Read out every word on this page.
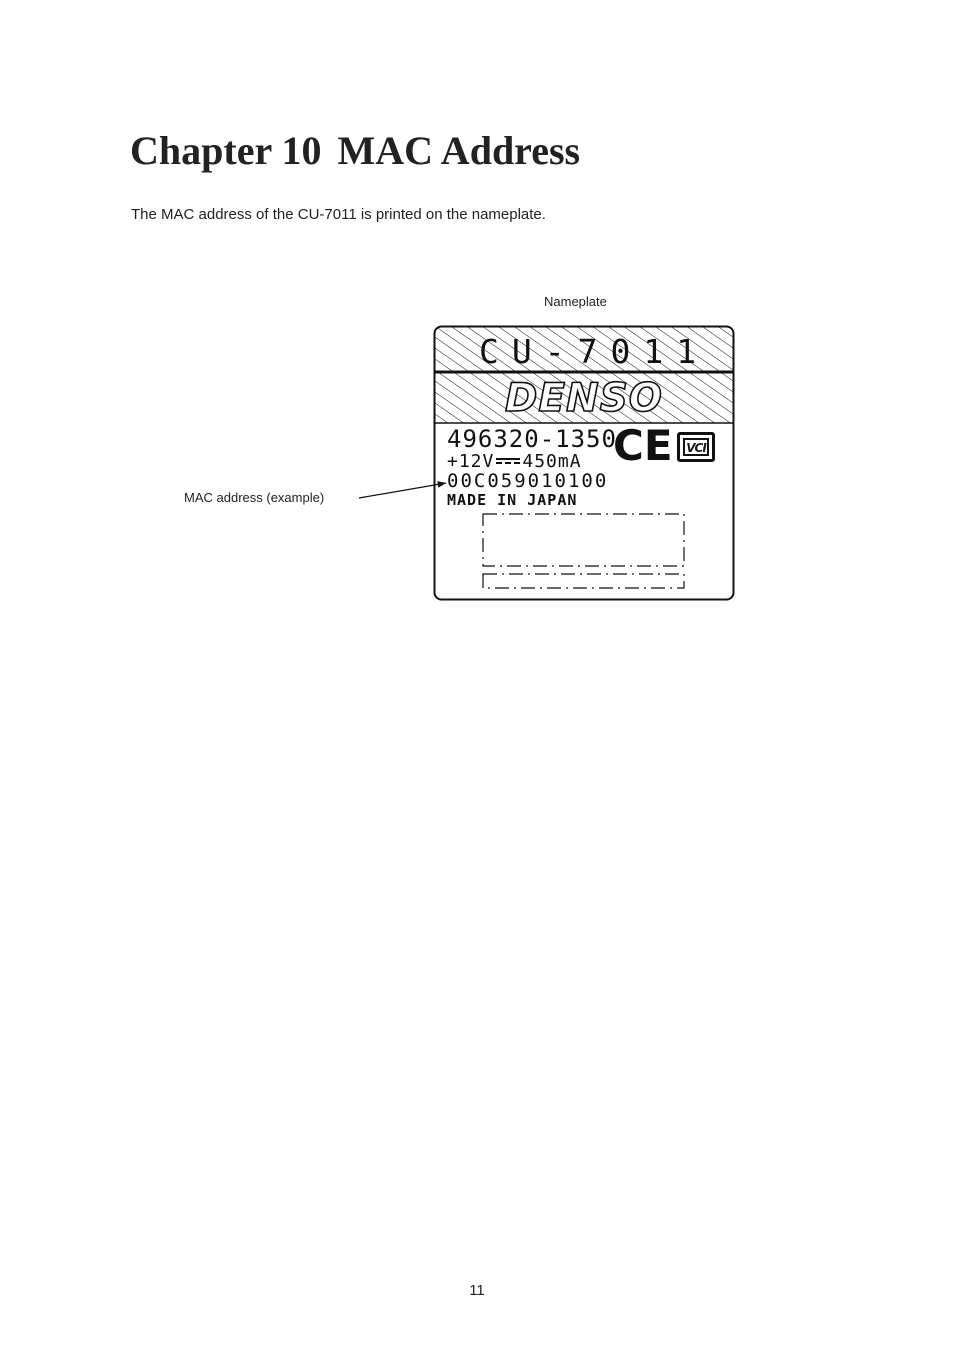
Chapter 10 MAC Address

The MAC address of the CU-7011 is printed on the nameplate.

Nameplate
MAC address (example)
CU-7011
DENSO
496320-1350
+12V 450mA
00C059010100
MADE IN JAPAN
CE VCI
11
